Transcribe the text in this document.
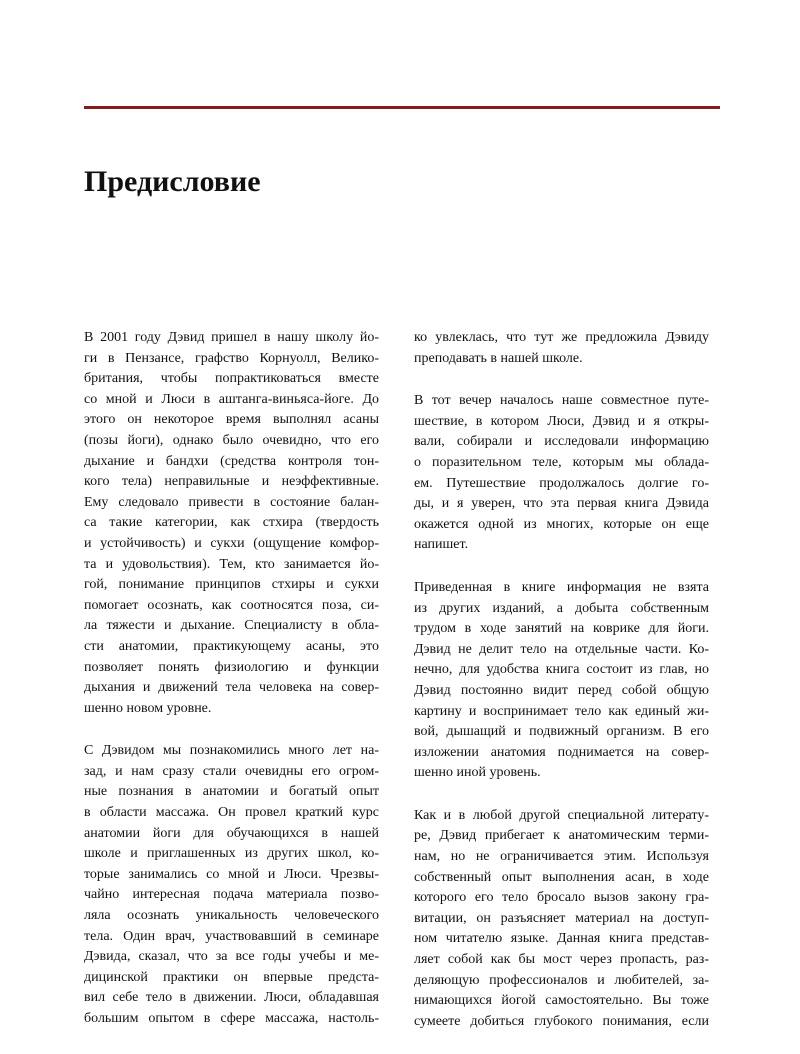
Предисловие

В 2001 году Дэвид пришел в нашу школу йо-
ги в Пензансе, графство Корнуолл, Велико-
британия, чтобы попрактиковаться вместе
со мной и Люси в аштанга-виньяса-йоге. До
этого он некоторое время выполнял асаны
(позы йоги), однако было очевидно, что его
дыхание и бандхи (средства контроля тон-
кого тела) неправильные и неэффективные.
Ему следовало привести в состояние балан-
са такие категории, как стхира (твердость
и устойчивость) и сукхи (ощущение комфор-
та и удовольствия). Тем, кто занимается йо-
гой, понимание принципов стхиры и сукхи
помогает осознать, как соотносятся поза, си-
ла тяжести и дыхание. Специалисту в обла-
сти анатомии, практикующему асаны, это
позволяет понять физиологию и функции
дыхания и движений тела человека на совер-
шенно новом уровне.

С Дэвидом мы познакомились много лет на-
зад, и нам сразу стали очевидны его огром-
ные познания в анатомии и богатый опыт
в области массажа. Он провел краткий курс
анатомии йоги для обучающихся в нашей
школе и приглашенных из других школ, ко-
торые занимались со мной и Люси. Чрезвы-
чайно интересная подача материала позво-
ляла осознать уникальность человеческого
тела. Один врач, участвовавший в семинаре
Дэвида, сказал, что за все годы учебы и ме-
дицинской практики он впервые предста-
вил себе тело в движении. Люси, обладавшая
большим опытом в сфере массажа, настоль-

ко увлеклась, что тут же предложила Дэвиду
преподавать в нашей школе.

В тот вечер началось наше совместное путе-
шествие, в котором Люси, Дэвид и я откры-
вали, собирали и исследовали информацию
о поразительном теле, которым мы облада-
ем. Путешествие продолжалось долгие го-
ды, и я уверен, что эта первая книга Дэвида
окажется одной из многих, которые он еще
напишет.

Приведенная в книге информация не взята
из других изданий, а добыта собственным
трудом в ходе занятий на коврике для йоги.
Дэвид не делит тело на отдельные части. Ко-
нечно, для удобства книга состоит из глав, но
Дэвид постоянно видит перед собой общую
картину и воспринимает тело как единый жи-
вой, дышащий и подвижный организм. В его
изложении анатомия поднимается на совер-
шенно иной уровень.

Как и в любой другой специальной литерату-
ре, Дэвид прибегает к анатомическим терми-
нам, но не ограничивается этим. Используя
собственный опыт выполнения асан, в ходе
которого его тело бросало вызов закону гра-
витации, он разъясняет материал на доступ-
ном читателю языке. Данная книга представ-
ляет собой как бы мост через пропасть, раз-
деляющую профессионалов и любителей, за-
нимающихся йогой самостоятельно. Вы тоже
сумеете добиться глубокого понимания, если
